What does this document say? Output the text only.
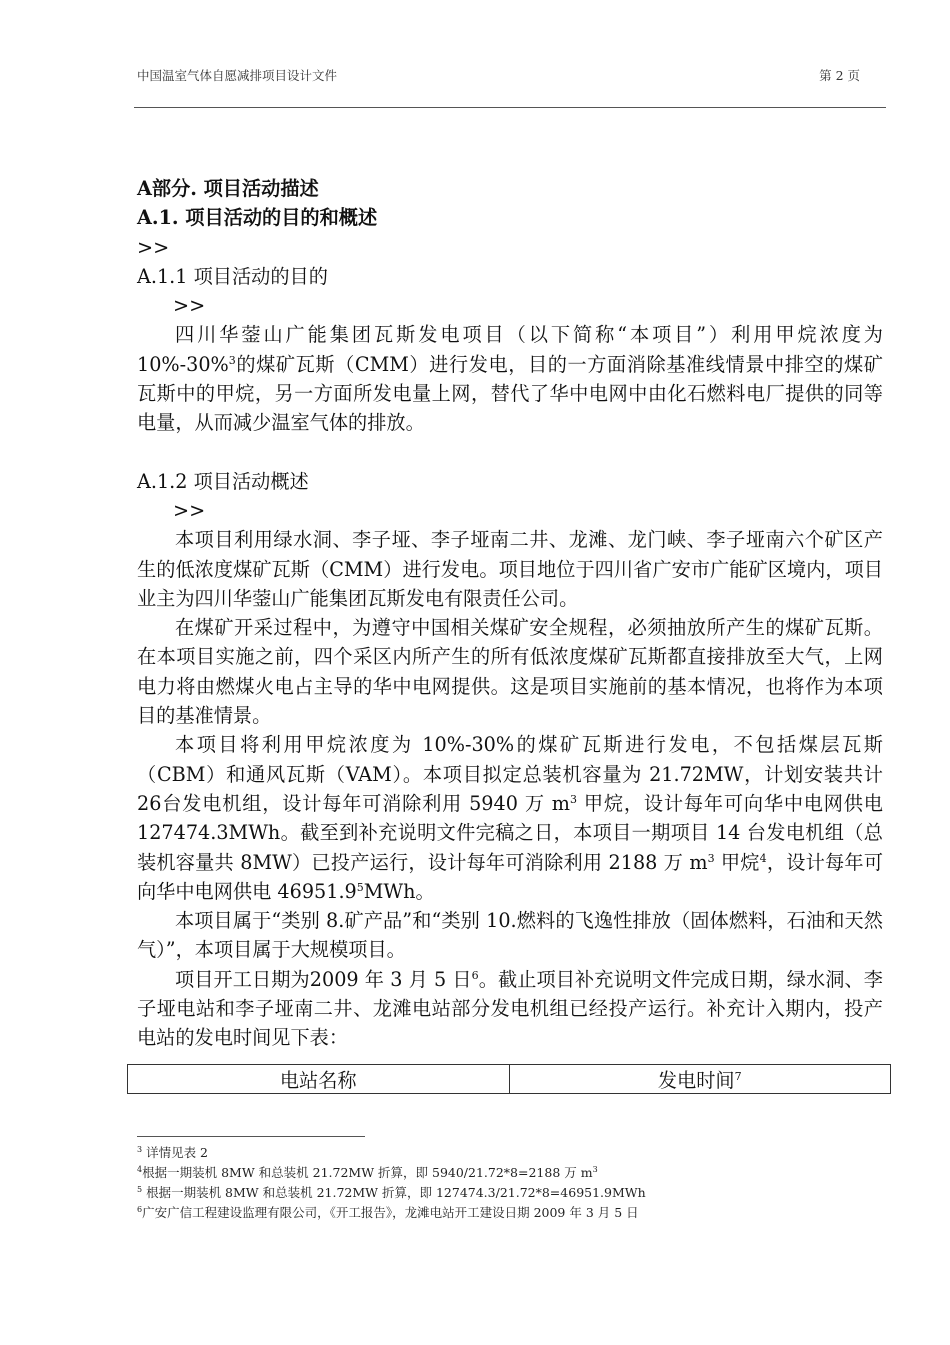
中国温室气体自愿减排项目设计文件	第 2 页

A部分. 项目活动描述

A.1. 项目活动的目的和概述

>>

A.1.1 项目活动的目的

>>

四川华蓥山广能集团瓦斯发电项目（以下简称“本项目”）利用甲烷浓度为 10%-30%$^3$的煤矿瓦斯（CMM）进行发电，目的一方面消除基准线情景中排空的煤矿瓦斯中的甲烷，另一方面所发电量上网，替代了华中电网中由化石燃料电厂提供的同等电量，从而减少温室气体的排放。

A.1.2 项目活动概述

>>

本项目利用绿水洞、李子垭、李子垭南二井、龙滩、龙门峡、李子垭南六个矿区产生的低浓度煤矿瓦斯（CMM）进行发电。项目地位于四川省广安市广能矿区境内，项目业主为四川华蓥山广能集团瓦斯发电有限责任公司。

在煤矿开采过程中，为遵守中国相关煤矿安全规程，必须抽放所产生的煤矿瓦斯。在本项目实施之前，四个采区内所产生的所有低浓度煤矿瓦斯都直接排放至大气，上网电力将由燃煤火电占主导的华中电网提供。这是项目实施前的基本情况，也将作为本项目的基准情景。

本项目将利用甲烷浓度为 10%-30%的煤矿瓦斯进行发电，不包括煤层瓦斯（CBM）和通风瓦斯（VAM）。本项目拟定总装机容量为 21.72MW，计划安装共计26台发电机组，设计每年可消除利用 5940 万 $m^3$ 甲烷，设计每年可向华中电网供电 127474.3MWh。截至到补充说明文件完稿之日，本项目一期项目 14 台发电机组（总装机容量共 8MW）已投产运行，设计每年可消除利用 2188 万 $m^3$ 甲烷$^4$，设计每年可向华中电网供电 46951.9$^5$MWh。

本项目属于“类别 8.矿产品”和“类别 10.燃料的飞逸性排放（固体燃料，石油和天然气）”，本项目属于大规模项目。

项目开工日期为2009 年 3 月 5 日$^6$。截止项目补充说明文件完成日期，绿水洞、李子垭电站和李子垭南二井、龙滩电站部分发电机组已经投产运行。补充计入期内，投产电站的发电时间见下表：

电站名称	发电时间$^7$
$^3$ 详情见表 2
$^4$根据一期装机 8MW 和总装机 21.72MW 折算，即 5940/21.72*8=2188 万 $m^3$
$^5$ 根据一期装机 8MW 和总装机 21.72MW 折算，即 127474.3/21.72*8=46951.9MWh
$^6$广安广信工程建设监理有限公司，《开工报告》，龙滩电站开工建设日期 2009 年 3 月 5 日
